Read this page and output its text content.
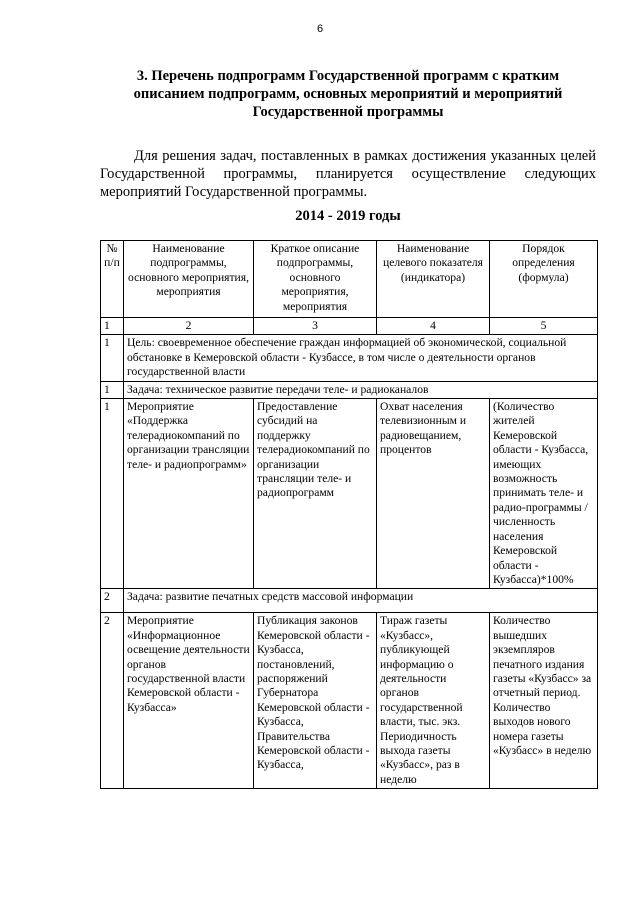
6
3. Перечень подпрограмм Государственной программ с кратким
описанием подпрограмм, основных мероприятий и мероприятий
Государственной программы

Для решения задач, поставленных в рамках достижения указанных целей Государственной программы, планируется осуществление следующих мероприятий Государственной программы.

2014 - 2019 годы
№ п/п	Наименование подпрограммы, основного мероприятия, мероприятия	Краткое описание подпрограммы, основного мероприятия, мероприятия	Наименование целевого показателя (индикатора)	Порядок определения (формула)
1	2	3	4	5
1	Цель: своевременное обеспечение граждан информацией об экономической, социальной обстановке в Кемеровской области - Кузбассе, в том числе о деятельности органов государственной власти			
1	Задача: техническое развитие передачи теле- и радиоканалов			
1	Мероприятие «Поддержка телерадиокомпаний по организации трансляции теле- и радиопрограмм»	Предоставление субсидий на поддержку телерадиокомпаний по организации трансляции теле- и радиопрограмм	Охват населения телевизионным и радиовещанием, процентов	(Количество жителей Кемеровской области - Кузбасса, имеющих возможность принимать теле- и радио-программы / численность населения Кемеровской области - Кузбасса)*100%
2	Задача: развитие печатных средств массовой информации			
2	Мероприятие «Информационное освещение деятельности органов государственной власти Кемеровской области - Кузбасса»	Публикация законов Кемеровской области - Кузбасса, постановлений, распоряжений Губернатора Кемеровской области - Кузбасса, Правительства Кемеровской области - Кузбасса,	Тираж газеты «Кузбасс», публикующей информацию о деятельности органов государственной власти, тыс. экз. Периодичность выхода газеты «Кузбасс», раз в неделю	Количество вышедших экземпляров печатного издания газеты «Кузбасс» за отчетный период. Количество выходов нового номера газеты «Кузбасс» в неделю
